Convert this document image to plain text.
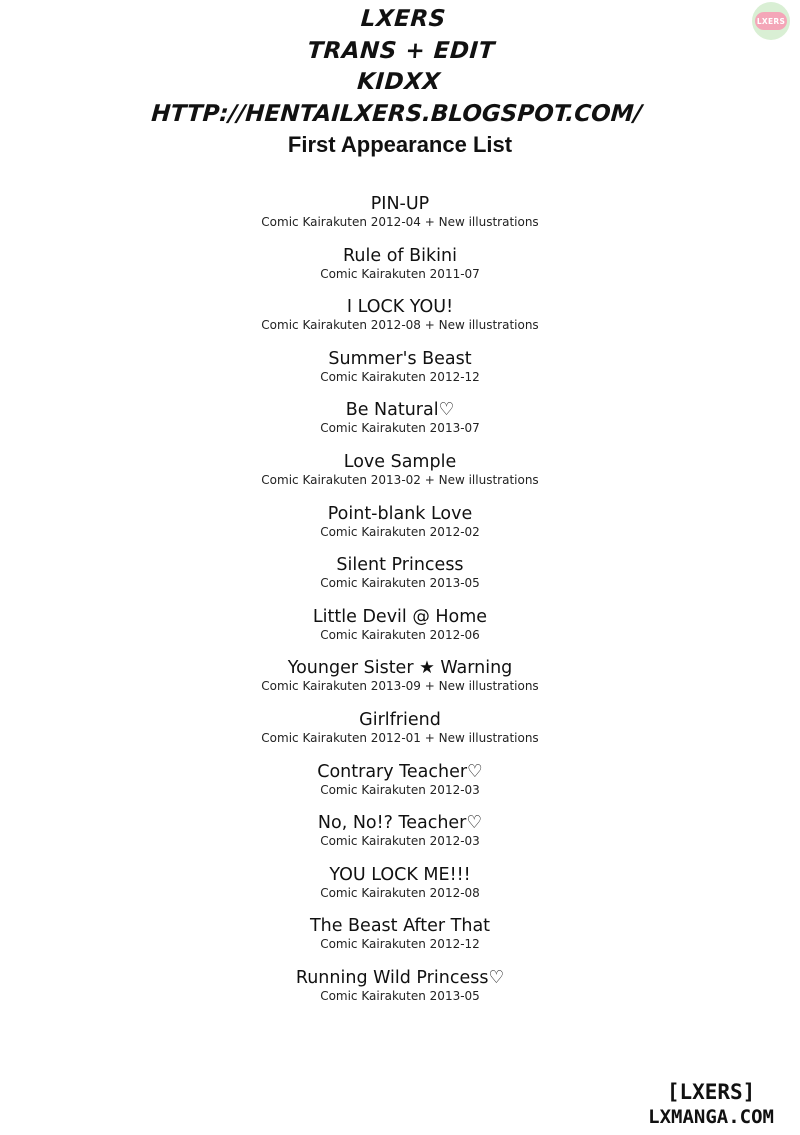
LXERS
TRANS + EDIT
KIDXX
HTTP://HENTAILXERS.BLOGSPOT.COM/
LXERS
First Appearance List
PIN-UP
Comic Kairakuten 2012-04 + New illustrations
Rule of Bikini
Comic Kairakuten 2011-07
I LOCK YOU!
Comic Kairakuten 2012-08 + New illustrations
Summer's Beast
Comic Kairakuten 2012-12
Be Natural♡
Comic Kairakuten 2013-07
Love Sample
Comic Kairakuten 2013-02 + New illustrations
Point-blank Love
Comic Kairakuten 2012-02
Silent Princess
Comic Kairakuten 2013-05
Little Devil @ Home
Comic Kairakuten 2012-06
Younger Sister ★ Warning
Comic Kairakuten 2013-09 + New illustrations
Girlfriend
Comic Kairakuten 2012-01 + New illustrations
Contrary Teacher♡
Comic Kairakuten 2012-03
No, No!? Teacher♡
Comic Kairakuten 2012-03
YOU LOCK ME!!!
Comic Kairakuten 2012-08
The Beast After That
Comic Kairakuten 2012-12
Running Wild Princess♡
Comic Kairakuten 2013-05
[LXERS]
LXMANGA.COM
